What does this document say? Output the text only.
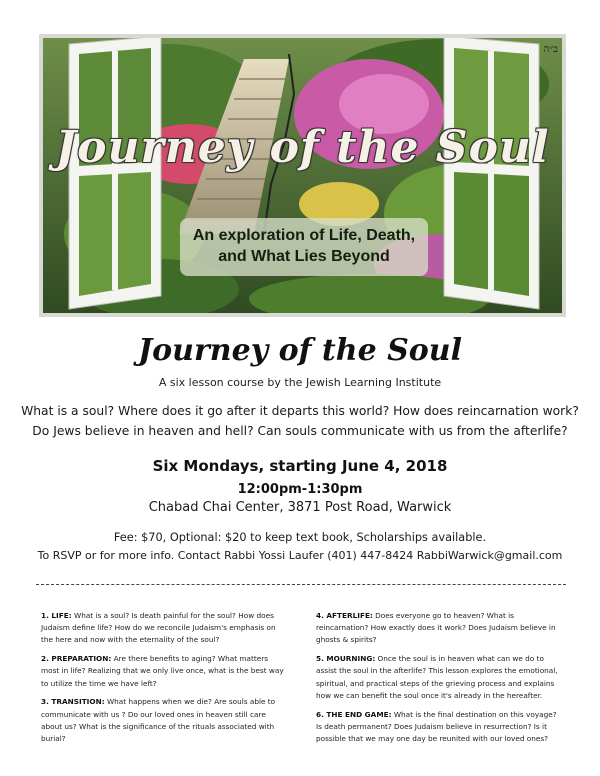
Journey of the Soul
An exploration of Life, Death,
and What Lies Beyond
ב״ה
Journey of the Soul
A six lesson course by the Jewish Learning Institute
What is a soul? Where does it go after it departs this world? How does reincarnation work?
Do Jews believe in heaven and hell? Can souls communicate with us from the afterlife?
Six Mondays, starting June 4, 2018
12:00pm-1:30pm
Chabad Chai Center, 3871 Post Road, Warwick
Fee: $70, Optional: $20 to keep text book, Scholarships available.
To RSVP or for more info. Contact Rabbi Yossi Laufer (401) 447-8424 RabbiWarwick@gmail.com
1. LIFE: What is a soul? Is death painful for the soul? How does Judaism define life? How do we reconcile Judaism's emphasis on the here and now with the eternality of the soul?
2. PREPARATION: Are there benefits to aging? What matters most in life? Realizing that we only live once, what is the best way to utilize the time we have left?
3. TRANSITION: What happens when we die? Are souls able to communicate with us ? Do our loved ones in heaven still care about us? What is the significance of the rituals associated with burial?
4. AFTERLIFE: Does everyone go to heaven? What is reincarnation? How exactly does it work? Does Judaism believe in ghosts & spirits?
5. MOURNING: Once the soul is in heaven what can we do to assist the soul in the afterlife? This lesson explores the emotional, spiritual, and practical steps of the grieving process and explains how we can benefit the soul once it's already in the hereafter.
6. THE END GAME: What is the final destination on this voyage? Is death permanent? Does Judaism believe in resurrection? Is it possible that we may one day be reunited with our loved ones?
